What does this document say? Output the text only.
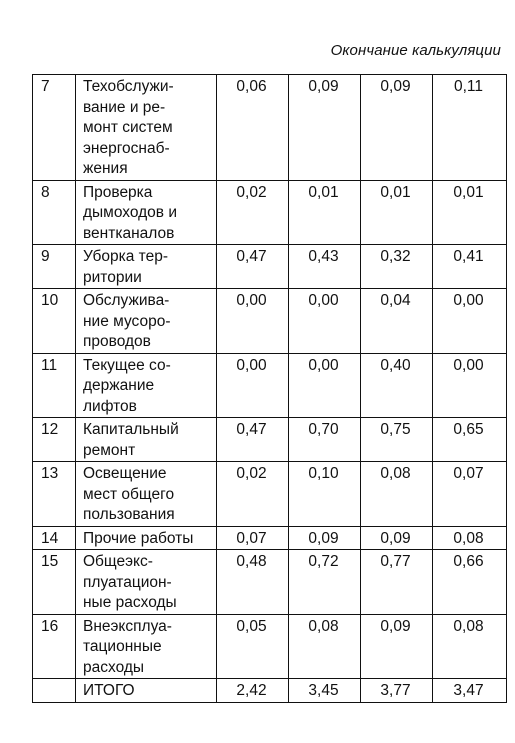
Окончание калькуляции
7	Техобслужи-
вание и ре-
монт систем
энергоснаб-
жения	0,06	0,09	0,09	0,11
8	Проверка
дымоходов и
вентканалов	0,02	0,01	0,01	0,01
9	Уборка тер-
ритории	0,47	0,43	0,32	0,41
10	Обслужива-
ние мусоро-
проводов	0,00	0,00	0,04	0,00
11	Текущее со-
держание
лифтов	0,00	0,00	0,40	0,00
12	Капитальный
ремонт	0,47	0,70	0,75	0,65
13	Освещение
мест общего
пользования	0,02	0,10	0,08	0,07
14	Прочие работы	0,07	0,09	0,09	0,08
15	Общеэкс-
плуатацион-
ные расходы	0,48	0,72	0,77	0,66
16	Внеэксплуа-
тационные
расходы	0,05	0,08	0,09	0,08

	ИТОГО	2,42	3,45	3,77	3,47
